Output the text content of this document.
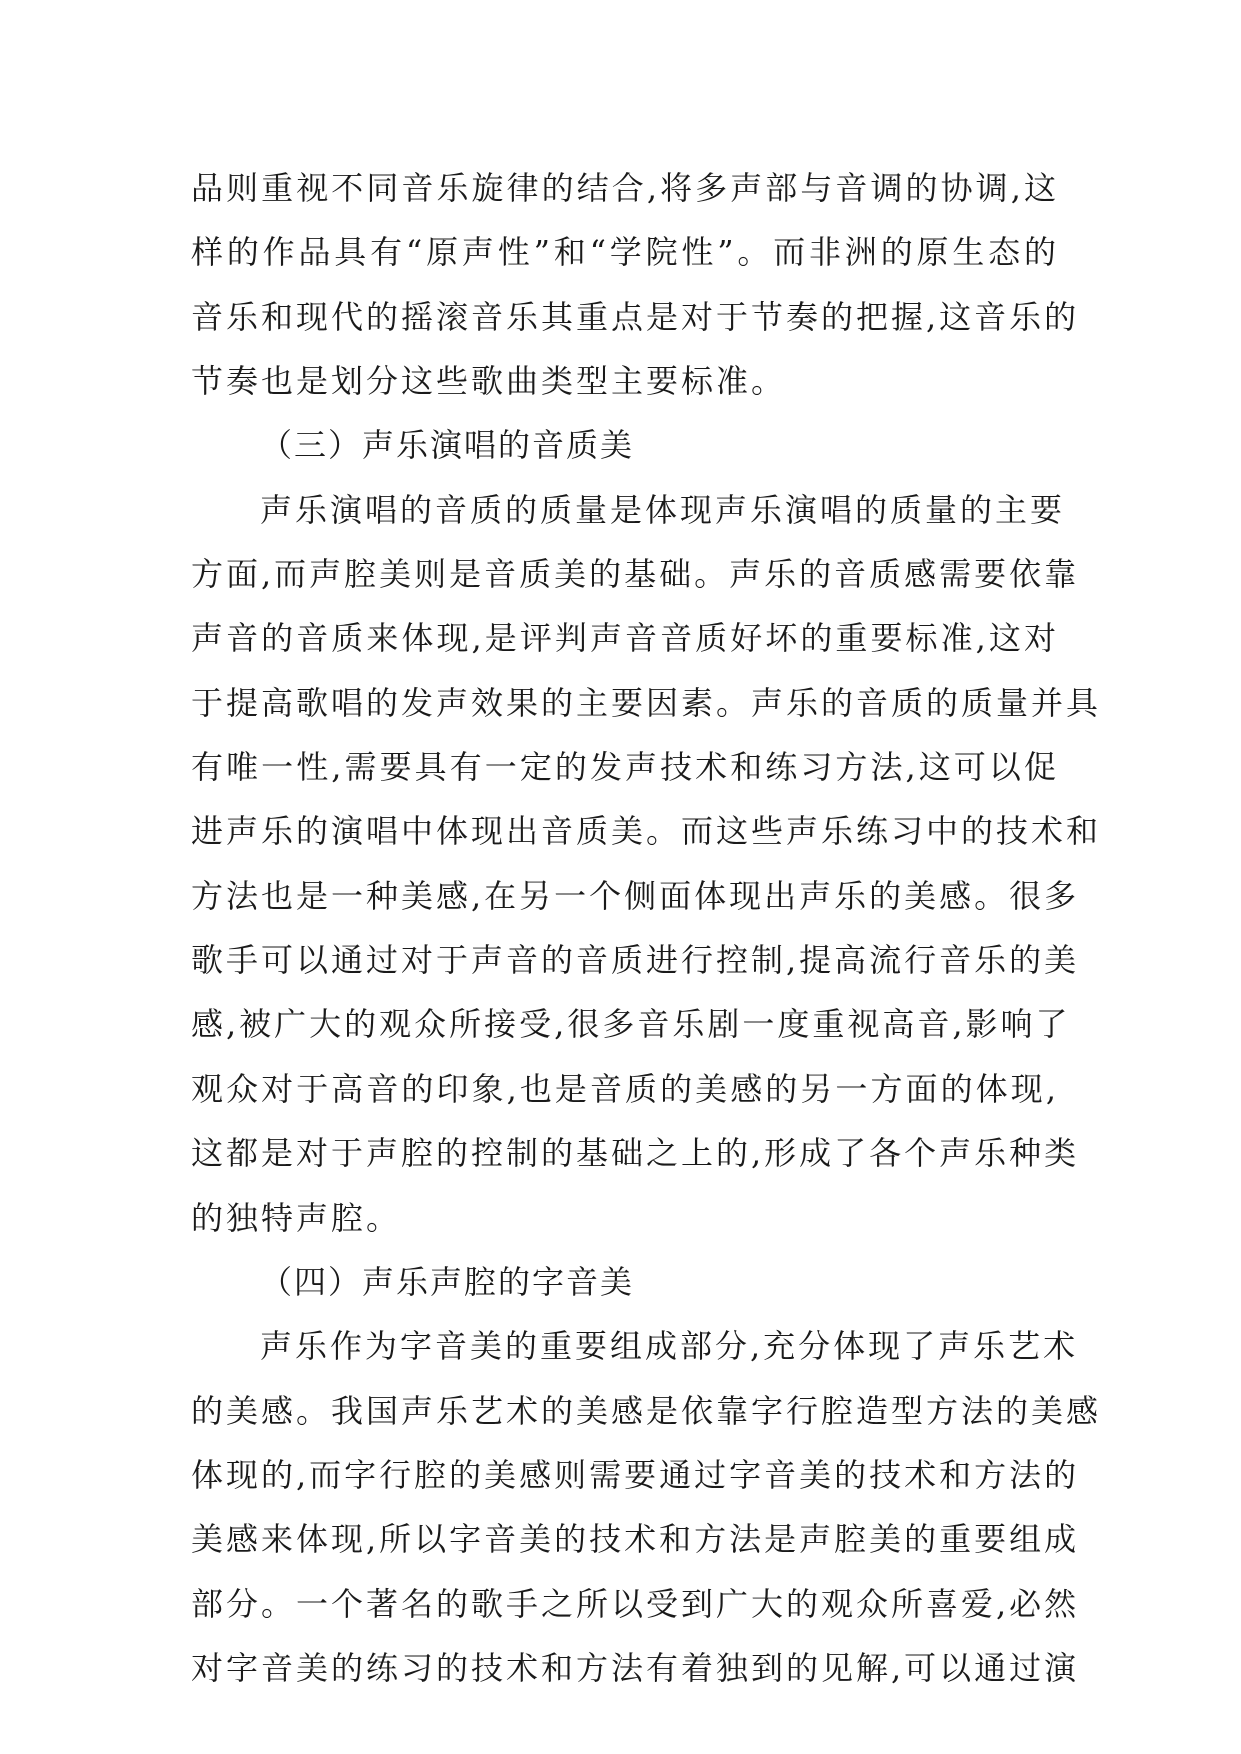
品则重视不同音乐旋律的结合,将多声部与音调的协调,这
样的作品具有“原声性”和“学院性”。而非洲的原生态的
音乐和现代的摇滚音乐其重点是对于节奏的把握,这音乐的
节奏也是划分这些歌曲类型主要标准。
（三）声乐演唱的音质美
声乐演唱的音质的质量是体现声乐演唱的质量的主要
方面,而声腔美则是音质美的基础。声乐的音质感需要依靠
声音的音质来体现,是评判声音音质好坏的重要标准,这对
于提高歌唱的发声效果的主要因素。声乐的音质的质量并具
有唯一性,需要具有一定的发声技术和练习方法,这可以促
进声乐的演唱中体现出音质美。而这些声乐练习中的技术和
方法也是一种美感,在另一个侧面体现出声乐的美感。很多
歌手可以通过对于声音的音质进行控制,提高流行音乐的美
感,被广大的观众所接受,很多音乐剧一度重视高音,影响了
观众对于高音的印象,也是音质的美感的另一方面的体现,
这都是对于声腔的控制的基础之上的,形成了各个声乐种类
的独特声腔。
（四）声乐声腔的字音美
声乐作为字音美的重要组成部分,充分体现了声乐艺术
的美感。我国声乐艺术的美感是依靠字行腔造型方法的美感
体现的,而字行腔的美感则需要通过字音美的技术和方法的
美感来体现,所以字音美的技术和方法是声腔美的重要组成
部分。一个著名的歌手之所以受到广大的观众所喜爱,必然
对字音美的练习的技术和方法有着独到的见解,可以通过演
